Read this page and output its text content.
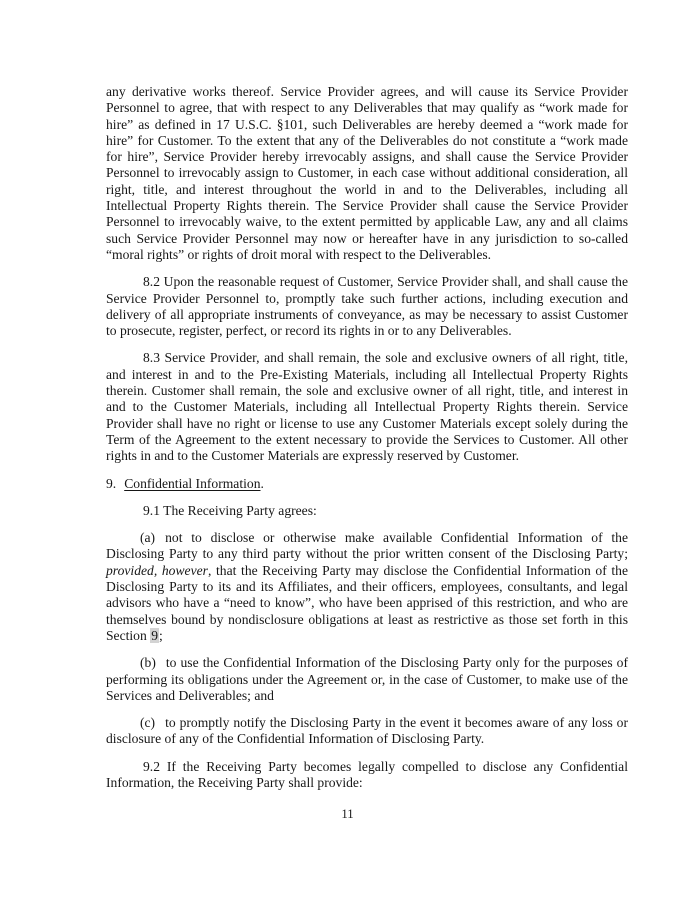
any derivative works thereof. Service Provider agrees, and will cause its Service Provider Personnel to agree, that with respect to any Deliverables that may qualify as “work made for hire” as defined in 17 U.S.C. §101, such Deliverables are hereby deemed a “work made for hire” for Customer. To the extent that any of the Deliverables do not constitute a “work made for hire”, Service Provider hereby irrevocably assigns, and shall cause the Service Provider Personnel to irrevocably assign to Customer, in each case without additional consideration, all right, title, and interest throughout the world in and to the Deliverables, including all Intellectual Property Rights therein. The Service Provider shall cause the Service Provider Personnel to irrevocably waive, to the extent permitted by applicable Law, any and all claims such Service Provider Personnel may now or hereafter have in any jurisdiction to so-called “moral rights” or rights of droit moral with respect to the Deliverables.

8.2 Upon the reasonable request of Customer, Service Provider shall, and shall cause the Service Provider Personnel to, promptly take such further actions, including execution and delivery of all appropriate instruments of conveyance, as may be necessary to assist Customer to prosecute, register, perfect, or record its rights in or to any Deliverables.

8.3 Service Provider, and shall remain, the sole and exclusive owners of all right, title, and interest in and to the Pre-Existing Materials, including all Intellectual Property Rights therein. Customer shall remain, the sole and exclusive owner of all right, title, and interest in and to the Customer Materials, including all Intellectual Property Rights therein. Service Provider shall have no right or license to use any Customer Materials except solely during the Term of the Agreement to the extent necessary to provide the Services to Customer. All other rights in and to the Customer Materials are expressly reserved by Customer.

9. Confidential Information.

9.1 The Receiving Party agrees:

(a) not to disclose or otherwise make available Confidential Information of the Disclosing Party to any third party without the prior written consent of the Disclosing Party; provided, however, that the Receiving Party may disclose the Confidential Information of the Disclosing Party to its and its Affiliates, and their officers, employees, consultants, and legal advisors who have a “need to know”, who have been apprised of this restriction, and who are themselves bound by nondisclosure obligations at least as restrictive as those set forth in this Section 9;

(b) to use the Confidential Information of the Disclosing Party only for the purposes of performing its obligations under the Agreement or, in the case of Customer, to make use of the Services and Deliverables; and

(c) to promptly notify the Disclosing Party in the event it becomes aware of any loss or disclosure of any of the Confidential Information of Disclosing Party.

9.2 If the Receiving Party becomes legally compelled to disclose any Confidential Information, the Receiving Party shall provide:

11
